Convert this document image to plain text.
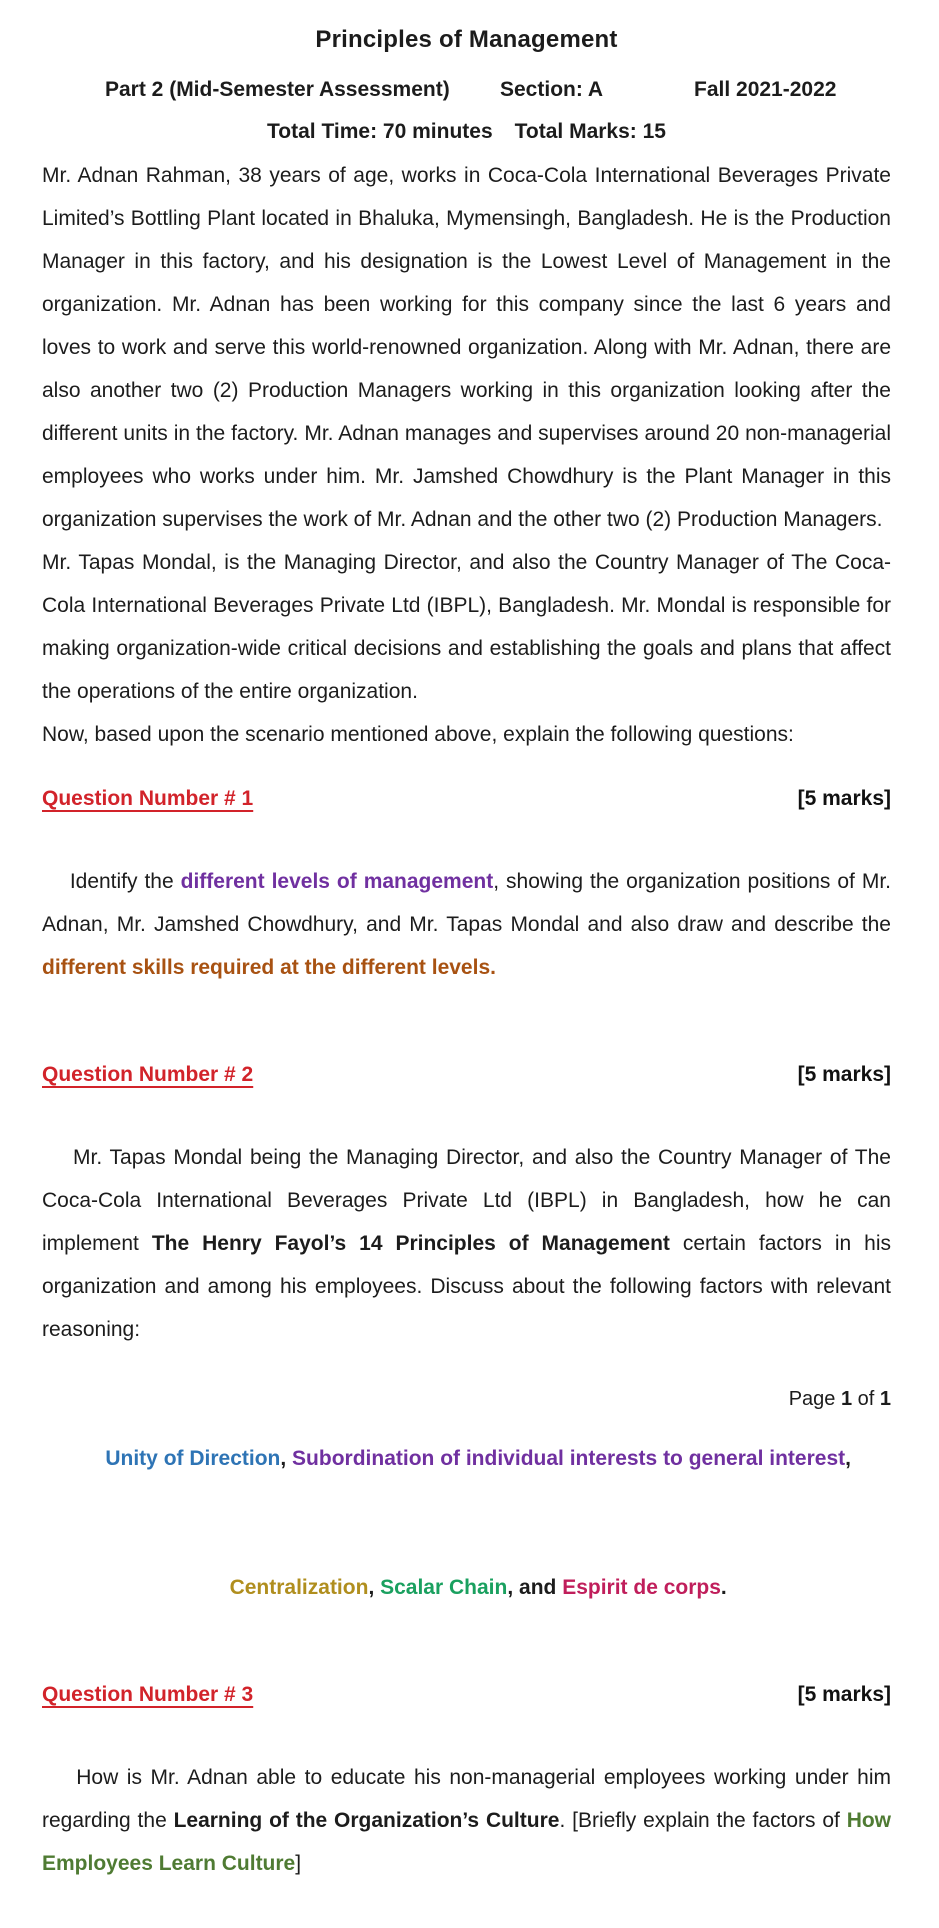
Principles of Management
Part 2 (Mid-Semester Assessment) Section: A	Fall 2021-2022
Total Time: 70 minutes Total Marks: 15

Mr. Adnan Rahman, 38 years of age, works in Coca-Cola International Beverages Private Limited’s Bottling Plant located in Bhaluka, Mymensingh, Bangladesh. He is the Production Manager in this factory, and his designation is the Lowest Level of Management in the organization. Mr. Adnan has been working for this company since the last 6 years and loves to work and serve this world-renowned organization. Along with Mr. Adnan, there are also another two (2) Production Managers working in this organization looking after the different units in the factory. Mr. Adnan manages and supervises around 20 non-managerial employees who works under him. Mr. Jamshed Chowdhury is the Plant Manager in this organization supervises the work of Mr. Adnan and the other two (2) Production Managers.

Mr. Tapas Mondal, is the Managing Director, and also the Country Manager of The Coca-Cola International Beverages Private Ltd (IBPL), Bangladesh. Mr. Mondal is responsible for making organization-wide critical decisions and establishing the goals and plans that affect the operations of the entire organization.

Now, based upon the scenario mentioned above, explain the following questions:

Question Number # 1	[5 marks]

Identify the different levels of management, showing the organization positions of Mr. Adnan, Mr. Jamshed Chowdhury, and Mr. Tapas Mondal and also draw and describe the different skills required at the different levels.

Question Number # 2	[5 marks]

Mr. Tapas Mondal being the Managing Director, and also the Country Manager of The Coca-Cola International Beverages Private Ltd (IBPL) in Bangladesh, how he can implement The Henry Fayol’s 14 Principles of Management certain factors in his organization and among his employees. Discuss about the following factors with relevant reasoning:

Unity of Direction, Subordination of individual interests to general interest,

Centralization, Scalar Chain, and Espirit de corps.

Question Number # 3	[5 marks]

How is Mr. Adnan able to educate his non-managerial employees working under him regarding the Learning of the Organization’s Culture. [Briefly explain the factors of How Employees Learn Culture]

Page 1 of 1
